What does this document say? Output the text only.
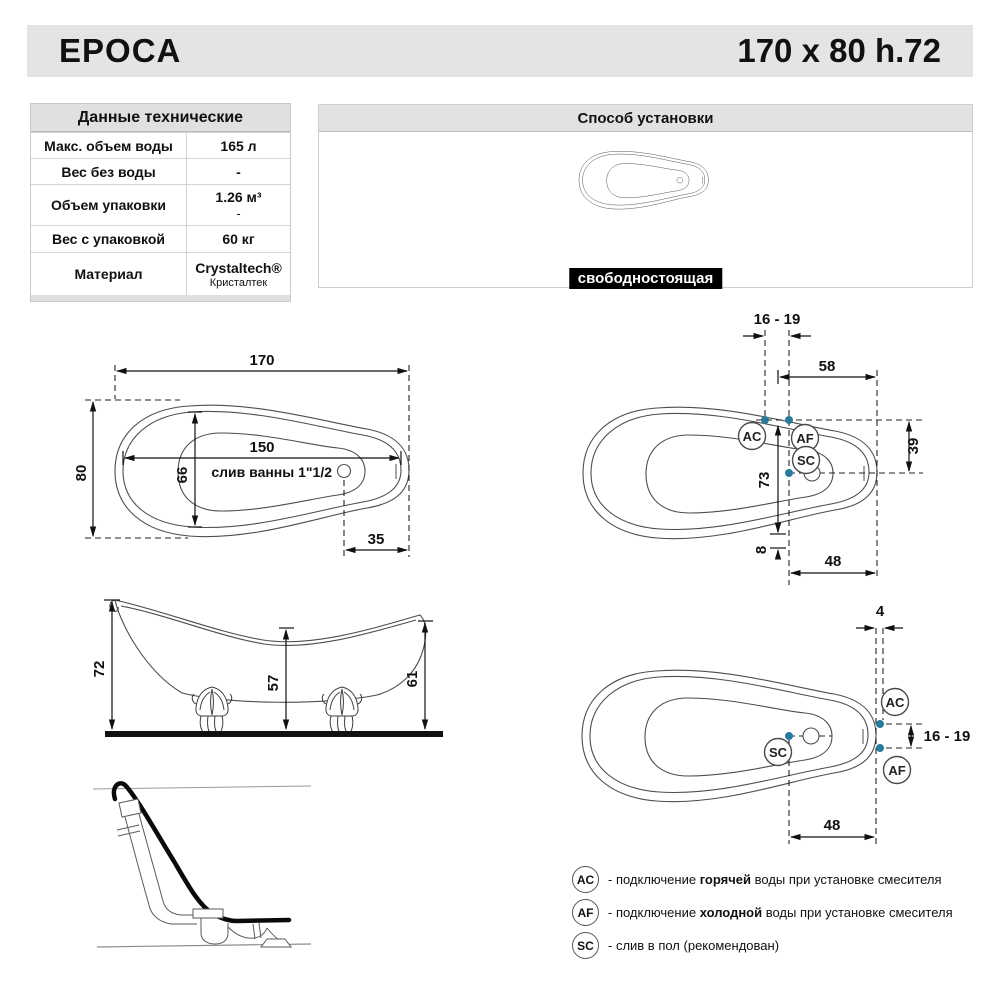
EPOCA	170 x 80 h.72
Данные технические
Макс. объем воды	165 л
Вес без воды	-
Объем упаковки	1.26 м³
-
Вес с упаковкой	60 кг
Материал	Crystaltech®
Кристалтек
Способ установки
свободностоящая
170
80
150
66 слив ванны 1"1/2
35
72
57	61
16 - 19
58
39
73
8
48
AC	AF
SC
4
16 - 19
48
AC
AF
SC
AC	- подключение горячей воды при установке смесителя
AF	- подключение холодной воды при установке смесителя
SC	- слив в пол (рекомендован)
